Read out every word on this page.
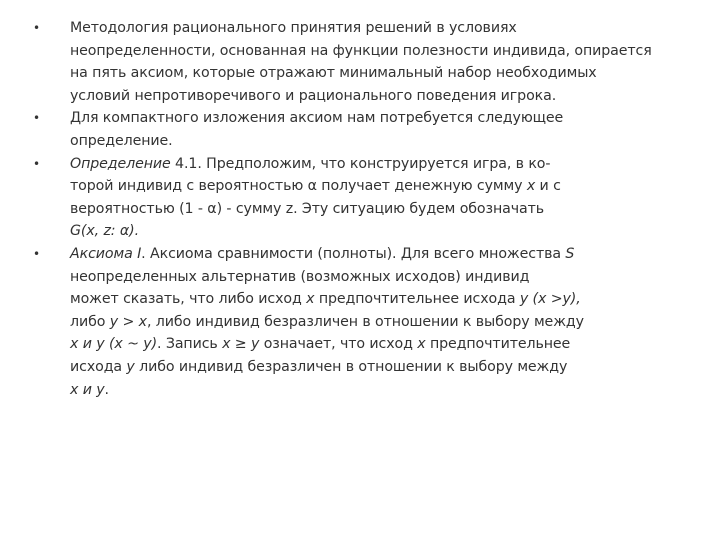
• Методология рационального принятия решений в условиях
неопределенности, основанная на функции полезности индивида, опирается
на пять аксиом, которые отражают минимальный набор необходимых
условий непротиворечивого и рационального поведения игрока.
• Для компактного изложения аксиом нам потребуется следующее
определение.
• Определение 4.1. Предположим, что конструируется игра, в ко-
торой индивид с вероятностью α получает денежную сумму х и с
вероятностью (1 - α) - сумму z. Эту ситуацию будем обозначать
G(x, z: α).
• Аксиома I. Аксиома сравнимости (полноты). Для всего множества S
неопределенных альтернатив (возможных исходов) индивид
может сказать, что либо исход х предпочтительнее исхода у (х >у),
либо у > х, либо индивид безразличен в отношении к выбору между
х и у (х ~ у). Запись х ≥ у означает, что исход х предпочтительнее
исхода у либо индивид безразличен в отношении к выбору между
х и у.
